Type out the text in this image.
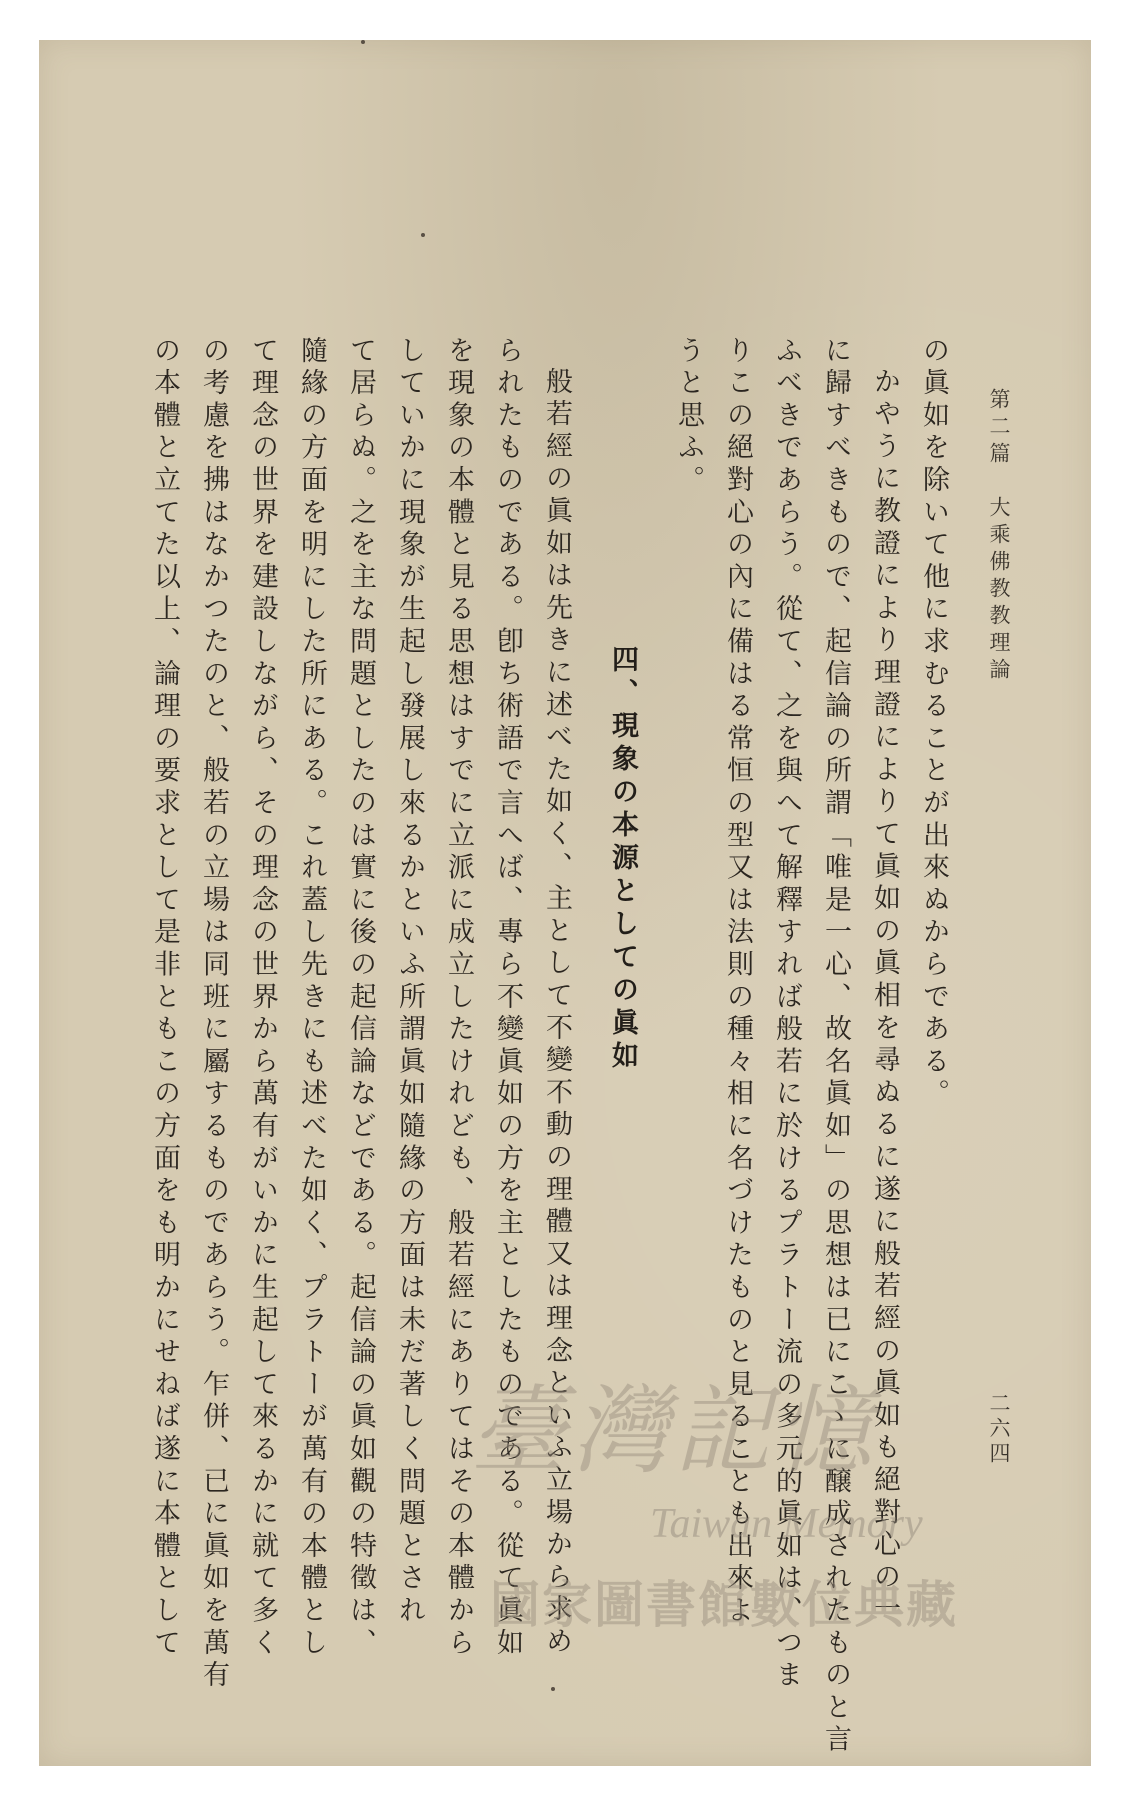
第二篇　大乘佛教教理論
二六四
の眞如を除いて他に求むることが出來ぬからである。
かやうに教證により理證によりて眞如の眞相を尋ぬるに遂に般若經の眞如も絕對心の一
に歸すべきもので、起信論の所謂「唯是一心、故名眞如」の思想は已にこゝに醸成されたものと言
ふべきであらう。從て、之を與へて解釋すれば般若に於けるプラトー流の多元的眞如は、つま
りこの絕對心の內に備はる常恒の型又は法則の種々相に名づけたものと見ることも出來よ
うと思ふ。
四、現象の本源としての眞如
般若經の眞如は先きに述べた如く、主として不變不動の理體又は理念といふ立場から求め
られたものである。卽ち術語で言へば、專ら不變眞如の方を主としたものである。從て眞如
を現象の本體と見る思想はすでに立派に成立したけれども、般若經にありてはその本體から
していかに現象が生起し發展し來るかといふ所謂眞如隨緣の方面は未だ著しく問題とされ
て居らぬ。之を主な問題としたのは實に後の起信論などである。起信論の眞如觀の特徵は、
隨緣の方面を明にした所にある。これ蓋し先きにも述べた如く、プラトーが萬有の本體とし
て理念の世界を建設しながら、その理念の世界から萬有がいかに生起して來るかに就て多く
の考慮を拂はなかつたのと、般若の立場は同班に屬するものであらう。乍併、已に眞如を萬有
の本體と立てた以上、論理の要求として是非ともこの方面をも明かにせねば遂に本體として	臺灣記憶
Taiwan Memory
國家圖書館數位典藏
